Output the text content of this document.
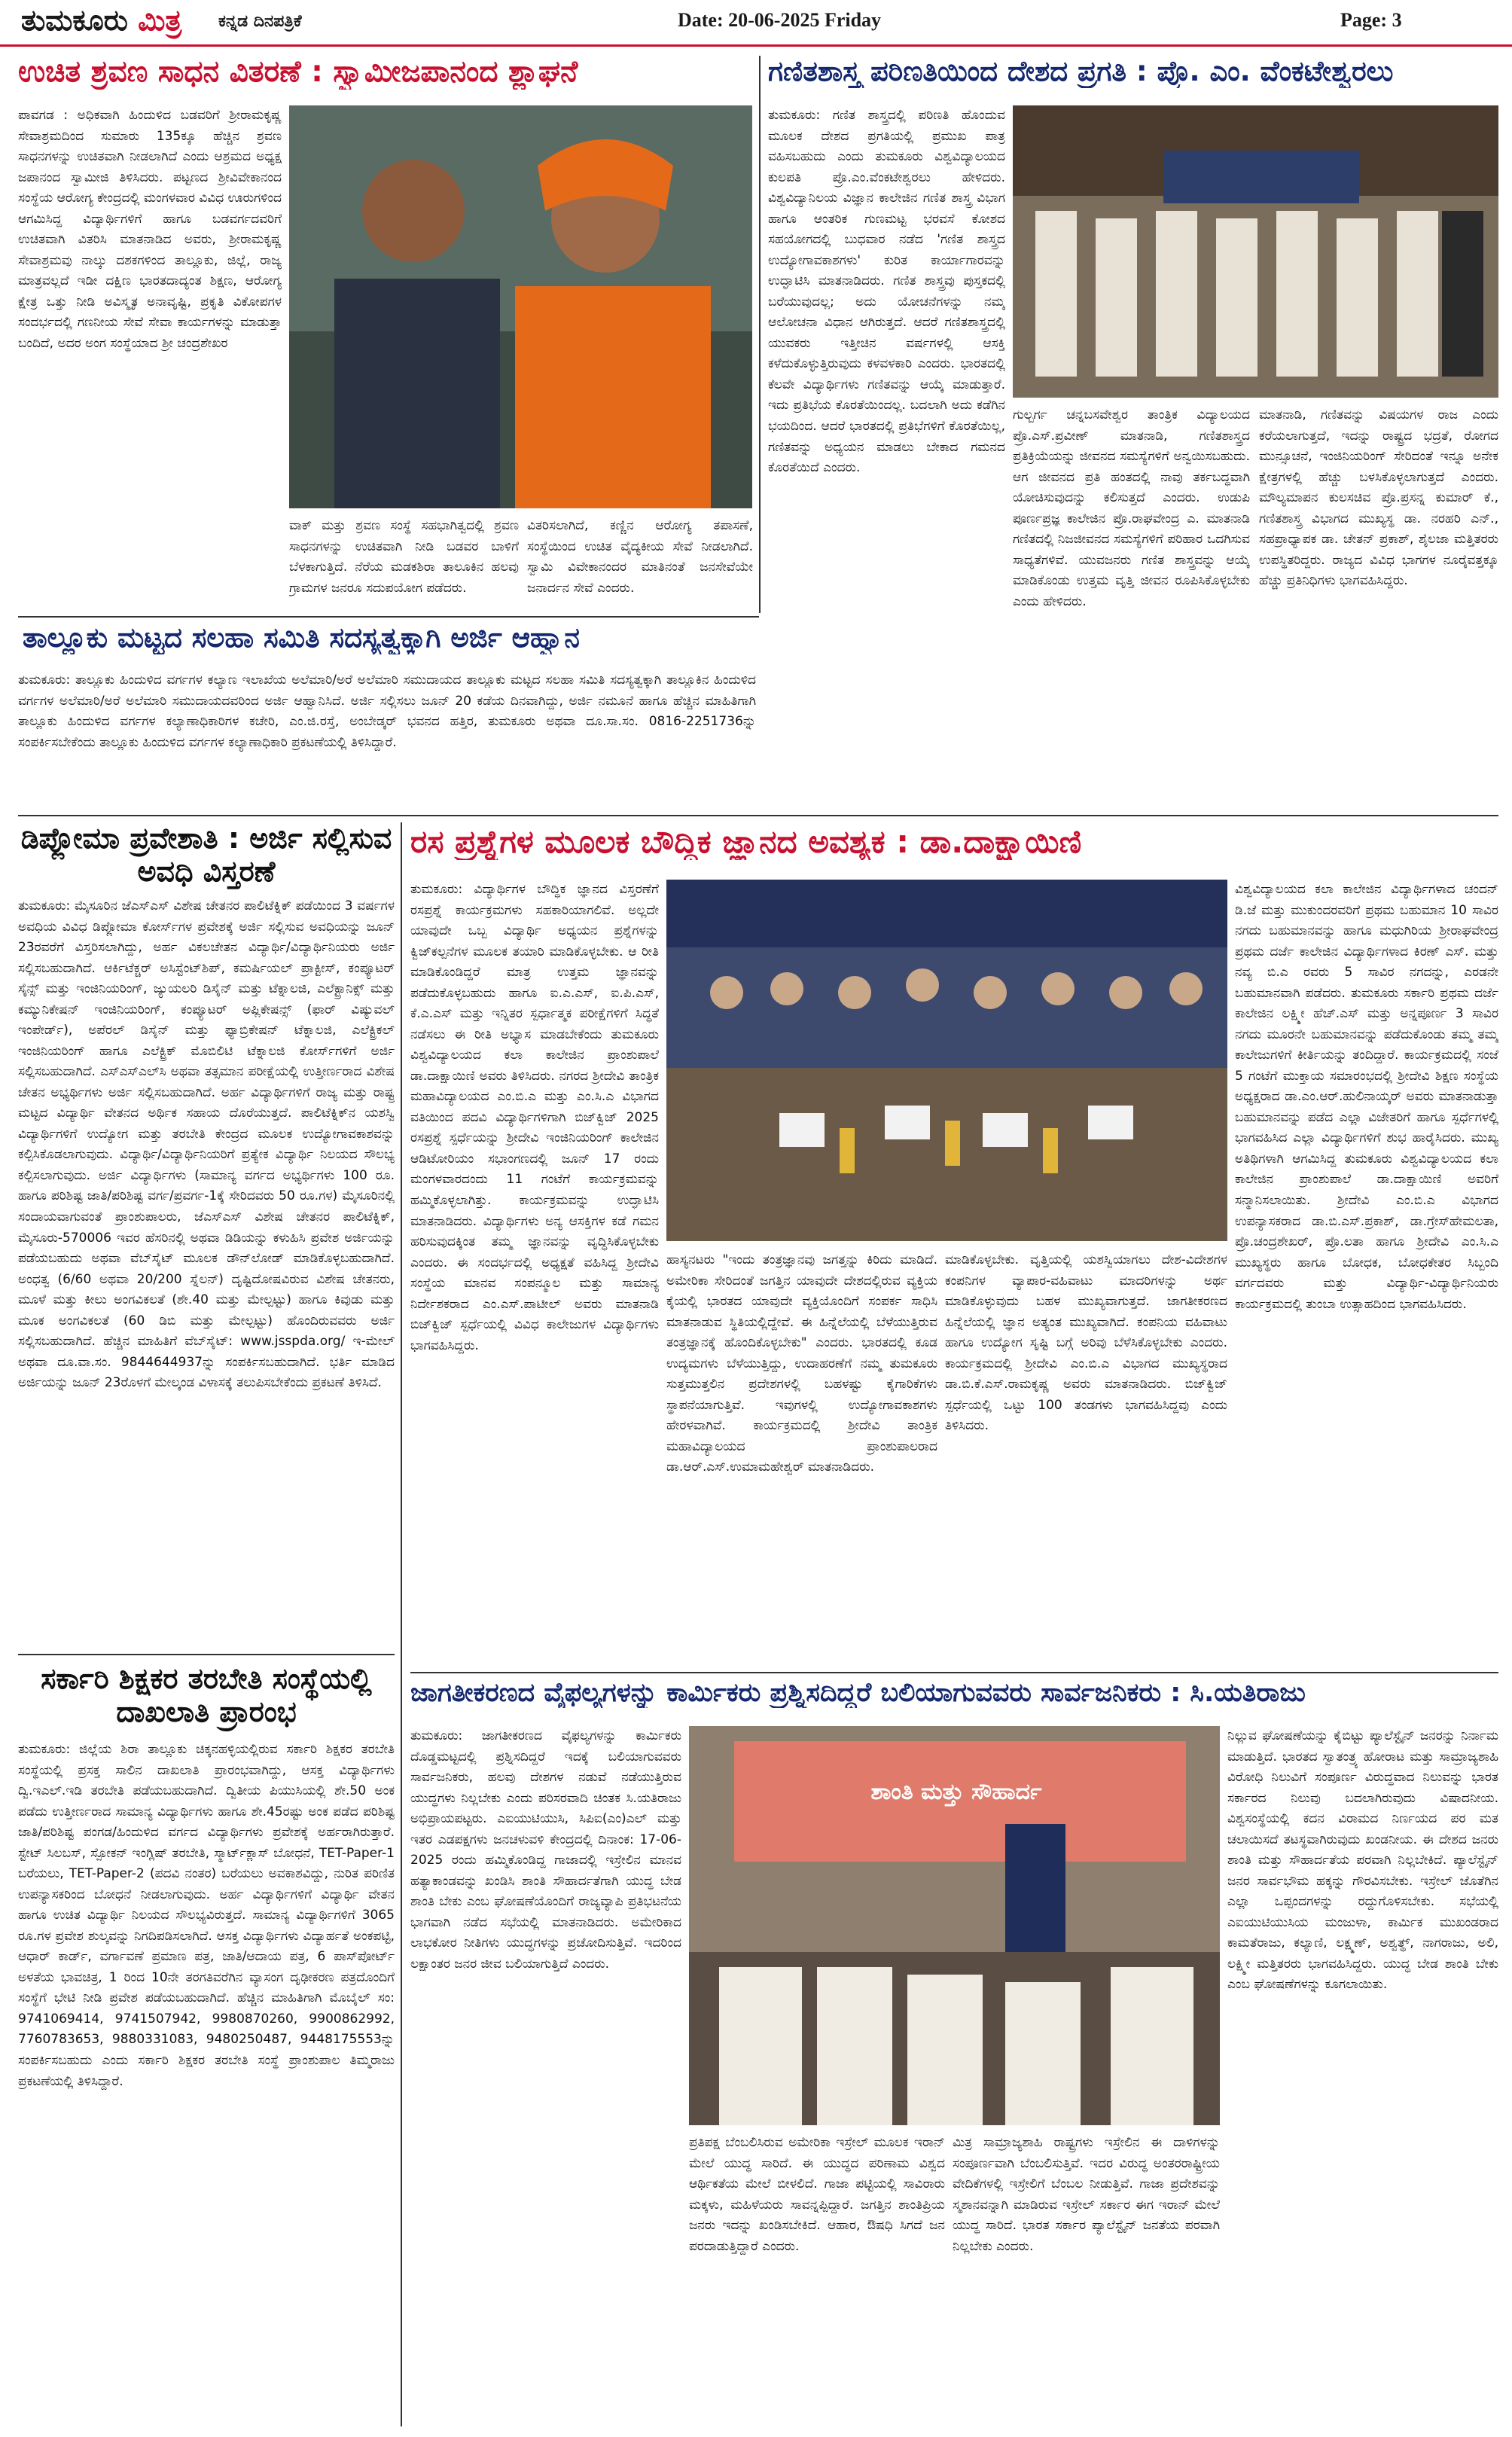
ತುಮಕೂರು ಮಿತ್ರ ಕನ್ನಡ ದಿನಪತ್ರಿಕೆ	Date: 20-06-2025 Friday	Page: 3
ಉಚಿತ ಶ್ರವಣ ಸಾಧನ ವಿತರಣೆ : ಸ್ವಾಮೀಜಪಾನಂದ ಶ್ಲಾಘನೆ
ಪಾವಗಡ : ಅಧಿಕವಾಗಿ ಹಿಂದುಳಿದ ಬಡವರಿಗೆ ಶ್ರೀರಾಮಕೃಷ್ಣ ಸೇವಾಶ್ರಮದಿಂದ ಸುಮಾರು 135ಕ್ಕೂ ಹೆಚ್ಚಿನ ಶ್ರವಣ ಸಾಧನಗಳನ್ನು ಉಚಿತವಾಗಿ ನೀಡಲಾಗಿದೆ ಎಂದು ಆಶ್ರಮದ ಅಧ್ಯಕ್ಷ ಜಪಾನಂದ ಸ್ವಾಮೀಜಿ ತಿಳಿಸಿದರು. ಪಟ್ಟಣದ ಶ್ರೀವಿವೇಕಾನಂದ ಸಂಸ್ಥೆಯ ಆರೋಗ್ಯ ಕೇಂದ್ರದಲ್ಲಿ ಮಂಗಳವಾರ ವಿವಿಧ ಊರುಗಳಿಂದ ಆಗಮಿಸಿದ್ದ ವಿದ್ಯಾರ್ಥಿಗಳಿಗೆ ಹಾಗೂ ಬಡವರ್ಗದವರಿಗೆ ಉಚಿತವಾಗಿ ವಿತರಿಸಿ ಮಾತನಾಡಿದ ಅವರು, ಶ್ರೀರಾಮಕೃಷ್ಣ ಸೇವಾಶ್ರಮವು ನಾಲ್ಕು ದಶಕಗಳಿಂದ ತಾಲ್ಲೂಕು, ಜಿಲ್ಲೆ, ರಾಜ್ಯ ಮಾತ್ರವಲ್ಲದೆ ಇಡೀ ದಕ್ಷಿಣ ಭಾರತದಾದ್ಯಂತ ಶಿಕ್ಷಣ, ಆರೋಗ್ಯ ಕ್ಷೇತ್ರ ಒತ್ತು ನೀಡಿ ಅವಿಸ್ಮೃತ ಅನಾವೃಷ್ಟಿ, ಪ್ರಕೃತಿ ವಿಕೋಪಗಳ ಸಂದರ್ಭದಲ್ಲಿ ಗಣನೀಯ ಸೇವೆ ಸೇವಾ ಕಾರ್ಯಗಳನ್ನು ಮಾಡುತ್ತಾ ಬಂದಿದೆ, ಅದರ ಅಂಗ ಸಂಸ್ಥೆಯಾದ ಶ್ರೀ ಚಂದ್ರಶೇಖರ
ವಾಕ್ ಮತ್ತು ಶ್ರವಣ ಸಂಸ್ಥೆ ಸಹಭಾಗಿತ್ವದಲ್ಲಿ ಶ್ರವಣ ಸಾಧನಗಳನ್ನು ಉಚಿತವಾಗಿ ನೀಡಿ ಬಡವರ ಬಾಳಿಗೆ ಬೆಳಕಾಗುತ್ತಿದೆ. ನೆರೆಯ ಮಡಕಶಿರಾ ತಾಲೂಕಿನ ಹಲವು ಗ್ರಾಮಗಳ ಜನರೂ ಸದುಪಯೋಗ ಪಡೆದರು.
ವಿತರಿಸಲಾಗಿದೆ, ಕಣ್ಣಿನ ಆರೋಗ್ಯ ತಪಾಸಣೆ, ಸಂಸ್ಥೆಯಿಂದ ಉಚಿತ ವೈದ್ಯಕೀಯ ಸೇವೆ ನೀಡಲಾಗಿದೆ. ಸ್ವಾಮಿ ವಿವೇಕಾನಂದರ ಮಾತಿನಂತೆ ಜನಸೇವೆಯೇ ಜನಾರ್ದನ ಸೇವೆ ಎಂದರು.
ಗಣಿತಶಾಸ್ತ್ರ ಪರಿಣತಿಯಿಂದ ದೇಶದ ಪ್ರಗತಿ : ಪ್ರೊ. ಎಂ. ವೆಂಕಟೇಶ್ವರಲು
ತುಮಕೂರು: ಗಣಿತ ಶಾಸ್ತ್ರದಲ್ಲಿ ಪರಿಣತಿ ಹೊಂದುವ ಮೂಲಕ ದೇಶದ ಪ್ರಗತಿಯಲ್ಲಿ ಪ್ರಮುಖ ಪಾತ್ರ ವಹಿಸಬಹುದು ಎಂದು ತುಮಕೂರು ವಿಶ್ವವಿದ್ಯಾಲಯದ ಕುಲಪತಿ ಪ್ರೊ.ಎಂ.ವೆಂಕಟೇಶ್ವರಲು ಹೇಳಿದರು. ವಿಶ್ವವಿದ್ಯಾನಿಲಯ ವಿಜ್ಞಾನ ಕಾಲೇಜಿನ ಗಣಿತ ಶಾಸ್ತ್ರ ವಿಭಾಗ ಹಾಗೂ ಆಂತರಿಕ ಗುಣಮಟ್ಟ ಭರವಸೆ ಕೋಶದ ಸಹಯೋಗದಲ್ಲಿ ಬುಧವಾರ ನಡೆದ 'ಗಣಿತ ಶಾಸ್ತ್ರದ ಉದ್ಯೋಗಾವಕಾಶಗಳು' ಕುರಿತ ಕಾರ್ಯಾಗಾರವನ್ನು ಉದ್ಘಾಟಿಸಿ ಮಾತನಾಡಿದರು. ಗಣಿತ ಶಾಸ್ತ್ರವು ಪುಸ್ತಕದಲ್ಲಿ ಬರೆಯುವುದಲ್ಲ; ಅದು ಯೋಚನೆಗಳನ್ನು ನಮ್ಮ ಆಲೋಚನಾ ವಿಧಾನ ಆಗಿರುತ್ತದೆ. ಆದರೆ ಗಣಿತಶಾಸ್ತ್ರದಲ್ಲಿ ಯುವಕರು ಇತ್ತೀಚಿನ ವರ್ಷಗಳಲ್ಲಿ ಆಸಕ್ತಿ ಕಳೆದುಕೊಳ್ಳುತ್ತಿರುವುದು ಕಳವಳಕಾರಿ ಎಂದರು. ಭಾರತದಲ್ಲಿ ಕೆಲವೇ ವಿದ್ಯಾರ್ಥಿಗಳು ಗಣಿತವನ್ನು ಆಯ್ಕೆ ಮಾಡುತ್ತಾರೆ. ಇದು ಪ್ರತಿಭೆಯ ಕೊರತೆಯಿಂದಲ್ಲ. ಬದಲಾಗಿ ಅದು ಕಡೆಗಿನ ಭಯದಿಂದ. ಆದರೆ ಭಾರತದಲ್ಲಿ ಪ್ರತಿಭೆಗಳಿಗೆ ಕೊರತೆಯಿಲ್ಲ, ಗಣಿತವನ್ನು ಅಧ್ಯಯನ ಮಾಡಲು ಬೇಕಾದ ಗಮನದ ಕೊರತೆಯಿದೆ ಎಂದರು.
ಗುಲ್ಬರ್ಗ ಚನ್ನಬಸವೇಶ್ವರ ತಾಂತ್ರಿಕ ವಿದ್ಯಾಲಯದ ಪ್ರೊ.ಎಸ್.ಪ್ರವೀಣ್ ಮಾತನಾಡಿ, ಗಣಿತಶಾಸ್ತ್ರದ ಪ್ರತಿಕ್ರಿಯೆಯನ್ನು ಜೀವನದ ಸಮಸ್ಯೆಗಳಿಗೆ ಅನ್ವಯಿಸಬಹುದು. ಆಗ ಜೀವನದ ಪ್ರತಿ ಹಂತದಲ್ಲಿ ನಾವು ತರ್ಕಬದ್ಧವಾಗಿ ಯೋಚಿಸುವುದನ್ನು ಕಲಿಸುತ್ತದೆ ಎಂದರು. ಉಡುಪಿ ಪೂರ್ಣಪ್ರಜ್ಞ ಕಾಲೇಜಿನ ಪ್ರೊ.ರಾಘವೇಂದ್ರ ಎ. ಮಾತನಾಡಿ ಗಣಿತದಲ್ಲಿ ನಿಜಜೀವನದ ಸಮಸ್ಯೆಗಳಿಗೆ ಪರಿಹಾರ ಒದಗಿಸುವ ಸಾಧ್ಯತೆಗಳಿವೆ. ಯುವಜನರು ಗಣಿತ ಶಾಸ್ತ್ರವನ್ನು ಆಯ್ಕೆ ಮಾಡಿಕೊಂಡು ಉತ್ತಮ ವೃತ್ತಿ ಜೀವನ ರೂಪಿಸಿಕೊಳ್ಳಬೇಕು ಎಂದು ಹೇಳಿದರು.
ಮಾತನಾಡಿ, ಗಣಿತವನ್ನು ವಿಷಯಗಳ ರಾಜ ಎಂದು ಕರೆಯಲಾಗುತ್ತದೆ, ಇದನ್ನು ರಾಷ್ಟ್ರದ ಭದ್ರತೆ, ರೋಗದ ಮುನ್ಸೂಚನೆ, ಇಂಜಿನಿಯರಿಂಗ್ ಸೇರಿದಂತೆ ಇನ್ನೂ ಅನೇಕ ಕ್ಷೇತ್ರಗಳಲ್ಲಿ ಹೆಚ್ಚು ಬಳಸಿಕೊಳ್ಳಲಾಗುತ್ತದೆ ಎಂದರು. ಮೌಲ್ಯಮಾಪನ ಕುಲಸಚಿವ ಪ್ರೊ.ಪ್ರಸನ್ನ ಕುಮಾರ್ ಕೆ., ಗಣಿತಶಾಸ್ತ್ರ ವಿಭಾಗದ ಮುಖ್ಯಸ್ಥ ಡಾ. ನರಹರಿ ಎನ್., ಸಹಪ್ರಾಧ್ಯಾಪಕ ಡಾ. ಚೇತನ್ ಪ್ರಕಾಶ್, ಶೈಲಜಾ ಮತ್ತಿತರರು ಉಪಸ್ಥಿತರಿದ್ದರು. ರಾಜ್ಯದ ವಿವಿಧ ಭಾಗಗಳ ನೂರೈವತ್ತಕ್ಕೂ ಹೆಚ್ಚು ಪ್ರತಿನಿಧಿಗಳು ಭಾಗವಹಿಸಿದ್ದರು.
ತಾಲ್ಲೂಕು ಮಟ್ಟದ ಸಲಹಾ ಸಮಿತಿ ಸದಸ್ಯತ್ವಕ್ಕಾಗಿ ಅರ್ಜಿ ಆಹ್ವಾನ
ತುಮಕೂರು: ತಾಲ್ಲೂಕು ಹಿಂದುಳಿದ ವರ್ಗಗಳ ಕಲ್ಯಾಣ ಇಲಾಖೆಯ ಅಲೆಮಾರಿ/ಅರೆ ಅಲೆಮಾರಿ ಸಮುದಾಯದ ತಾಲ್ಲೂಕು ಮಟ್ಟದ ಸಲಹಾ ಸಮಿತಿ ಸದಸ್ಯತ್ವಕ್ಕಾಗಿ ತಾಲ್ಲೂಕಿನ ಹಿಂದುಳಿದ ವರ್ಗಗಳ ಅಲೆಮಾರಿ/ಅರೆ ಅಲೆಮಾರಿ ಸಮುದಾಯದವರಿಂದ ಅರ್ಜಿ ಆಹ್ವಾನಿಸಿದೆ. ಅರ್ಜಿ ಸಲ್ಲಿಸಲು ಜೂನ್ 20 ಕಡೆಯ ದಿನವಾಗಿದ್ದು, ಅರ್ಜಿ ನಮೂನೆ ಹಾಗೂ ಹೆಚ್ಚಿನ ಮಾಹಿತಿಗಾಗಿ ತಾಲ್ಲೂಕು ಹಿಂದುಳಿದ ವರ್ಗಗಳ ಕಲ್ಯಾಣಾಧಿಕಾರಿಗಳ ಕಚೇರಿ, ಎಂ.ಜಿ.ರಸ್ತೆ, ಅಂಬೇಡ್ಕರ್ ಭವನದ ಹತ್ತಿರ, ತುಮಕೂರು ಅಥವಾ ದೂ.ಸಾ.ಸಂ. 0816-2251736ನ್ನು ಸಂಪರ್ಕಿಸಬೇಕೆಂದು ತಾಲ್ಲೂಕು ಹಿಂದುಳಿದ ವರ್ಗಗಳ ಕಲ್ಯಾಣಾಧಿಕಾರಿ ಪ್ರಕಟಣೆಯಲ್ಲಿ ತಿಳಿಸಿದ್ದಾರೆ.
ಡಿಪ್ಲೋಮಾ ಪ್ರವೇಶಾತಿ : ಅರ್ಜಿ ಸಲ್ಲಿಸುವ ಅವಧಿ ವಿಸ್ತರಣೆ
ತುಮಕೂರು: ಮೈಸೂರಿನ ಜೆಎಸ್‌ಎಸ್ ವಿಶೇಷ ಚೇತನರ ಪಾಲಿಟೆಕ್ನಿಕ್ ಪಡೆಯಿಂದ 3 ವರ್ಷಗಳ ಅವಧಿಯ ವಿವಿಧ ಡಿಪ್ಲೋಮಾ ಕೋರ್ಸ್‌ಗಳ ಪ್ರವೇಶಕ್ಕೆ ಅರ್ಜಿ ಸಲ್ಲಿಸುವ ಅವಧಿಯನ್ನು ಜೂನ್ 23ರವರೆಗೆ ವಿಸ್ತರಿಸಲಾಗಿದ್ದು, ಅರ್ಹ ವಿಕಲಚೇತನ ವಿದ್ಯಾರ್ಥಿ/ವಿದ್ಯಾರ್ಥಿನಿಯರು ಅರ್ಜಿ ಸಲ್ಲಿಸಬಹುದಾಗಿದೆ. ಆರ್ಕಿಟೆಕ್ಚರ್ ಅಸಿಸ್ಟೆಂಟ್‌ಶಿಪ್, ಕಮರ್ಷಿಯಲ್ ಪ್ರಾಕ್ಟೀಸ್, ಕಂಪ್ಯೂಟರ್ ಸೈನ್ಸ್ ಮತ್ತು ಇಂಜಿನಿಯರಿಂಗ್, ಜ್ಯುಯಲರಿ ಡಿಸೈನ್ ಮತ್ತು ಟೆಕ್ನಾಲಜಿ, ಎಲೆಕ್ಟ್ರಾನಿಕ್ಸ್ ಮತ್ತು ಕಮ್ಯುನಿಕೇಷನ್ ಇಂಜಿನಿಯರಿಂಗ್, ಕಂಪ್ಯೂಟರ್ ಅಪ್ಲಿಕೇಷನ್ಸ್ (ಫಾರ್ ವಿಷ್ಯುವಲ್ ಇಂಪೇರ್ಡ್), ಅಪೆರಲ್ ಡಿಸೈನ್ ಮತ್ತು ಫ್ಯಾಬ್ರಿಕೇಷನ್ ಟೆಕ್ನಾಲಜಿ, ಎಲೆಕ್ಟ್ರಿಕಲ್ ಇಂಜಿನಿಯರಿಂಗ್ ಹಾಗೂ ಎಲೆಕ್ಟ್ರಿಕ್ ಮೊಬಿಲಿಟಿ ಟೆಕ್ನಾಲಜಿ ಕೋರ್ಸ್‌ಗಳಿಗೆ ಅರ್ಜಿ ಸಲ್ಲಿಸಬಹುದಾಗಿದೆ. ಎಸ್‌ಎಸ್‌ಎಲ್‌ಸಿ ಅಥವಾ ತತ್ಸಮಾನ ಪರೀಕ್ಷೆಯಲ್ಲಿ ಉತ್ತೀರ್ಣರಾದ ವಿಶೇಷ ಚೇತನ ಅಭ್ಯರ್ಥಿಗಳು ಅರ್ಜಿ ಸಲ್ಲಿಸಬಹುದಾಗಿದೆ. ಅರ್ಹ ವಿದ್ಯಾರ್ಥಿಗಳಿಗೆ ರಾಜ್ಯ ಮತ್ತು ರಾಷ್ಟ್ರ ಮಟ್ಟದ ವಿದ್ಯಾರ್ಥಿ ವೇತನದ ಅರ್ಥಿಕ ಸಹಾಯ ದೊರೆಯುತ್ತದೆ. ಪಾಲಿಟೆಕ್ನಿಕ್‌ನ ಯಶಸ್ವಿ ವಿದ್ಯಾರ್ಥಿಗಳಿಗೆ ಉದ್ಯೋಗ ಮತ್ತು ತರಬೇತಿ ಕೇಂದ್ರದ ಮೂಲಕ ಉದ್ಯೋಗಾವಕಾಶವನ್ನು ಕಲ್ಪಿಸಿಕೊಡಲಾಗುವುದು. ವಿದ್ಯಾರ್ಥಿ/ವಿದ್ಯಾರ್ಥಿನಿಯರಿಗೆ ಪ್ರತ್ಯೇಕ ವಿದ್ಯಾರ್ಥಿ ನಿಲಯದ ಸೌಲಭ್ಯ ಕಲ್ಪಿಸಲಾಗುವುದು. ಅರ್ಜಿ ವಿದ್ಯಾರ್ಥಿಗಳು (ಸಾಮಾನ್ಯ ವರ್ಗದ ಅಭ್ಯರ್ಥಿಗಳು 100 ರೂ. ಹಾಗೂ ಪರಿಶಿಷ್ಟ ಜಾತಿ/ಪರಿಶಿಷ್ಟ ವರ್ಗ/ಪ್ರವರ್ಗ-1ಕ್ಕೆ ಸೇರಿದವರು 50 ರೂ.ಗಳ) ಮೈಸೂರಿನಲ್ಲಿ ಸಂದಾಯವಾಗುವಂತೆ ಪ್ರಾಂಶುಪಾಲರು, ಜೆಎಸ್‌ಎಸ್ ವಿಶೇಷ ಚೇತನರ ಪಾಲಿಟೆಕ್ನಿಕ್, ಮೈಸೂರು-570006 ಇವರ ಹೆಸರಿನಲ್ಲಿ ಅಥವಾ ಡಿಡಿಯನ್ನು ಕಳುಹಿಸಿ ಪ್ರವೇಶ ಅರ್ಜಿಯನ್ನು ಪಡೆಯಬಹುದು ಅಥವಾ ವೆಬ್‌ಸೈಟ್ ಮೂಲಕ ಡೌನ್‌ಲೋಡ್ ಮಾಡಿಕೊಳ್ಳಬಹುದಾಗಿದೆ. ಅಂಧತ್ವ (6/60 ಅಥವಾ 20/200 ಸ್ನೆಲನ್) ದೃಷ್ಟಿದೋಷವಿರುವ ವಿಶೇಷ ಚೇತನರು, ಮೂಳೆ ಮತ್ತು ಕೀಲು ಅಂಗವಿಕಲತೆ (ಶೇ.40 ಮತ್ತು ಮೇಲ್ಪಟ್ಟು) ಹಾಗೂ ಕಿವುಡು ಮತ್ತು ಮೂಕ ಅಂಗವಿಕಲತೆ (60 ಡಿಬಿ ಮತ್ತು ಮೇಲ್ಪಟ್ಟು) ಹೊಂದಿರುವವರು ಅರ್ಜಿ ಸಲ್ಲಿಸಬಹುದಾಗಿದೆ. ಹೆಚ್ಚಿನ ಮಾಹಿತಿಗೆ ವೆಬ್‌ಸೈಟ್: www.jsspda.org/ ಇ-ಮೇಲ್ ಅಥವಾ ದೂ.ವಾ.ಸಂ. 9844644937ನ್ನು ಸಂಪರ್ಕಿಸಬಹುದಾಗಿದೆ. ಭರ್ತಿ ಮಾಡಿದ ಅರ್ಜಿಯನ್ನು ಜೂನ್ 23ರೊಳಗೆ ಮೇಲ್ಕಂಡ ವಿಳಾಸಕ್ಕೆ ತಲುಪಿಸಬೇಕೆಂದು ಪ್ರಕಟಣೆ ತಿಳಿಸಿದೆ.
ಸರ್ಕಾರಿ ಶಿಕ್ಷಕರ ತರಬೇತಿ ಸಂಸ್ಥೆಯಲ್ಲಿ ದಾಖಲಾತಿ ಪ್ರಾರಂಭ
ತುಮಕೂರು: ಜಿಲ್ಲೆಯ ಶಿರಾ ತಾಲ್ಲೂಕು ಚಿಕ್ಕನಹಳ್ಳಿಯಲ್ಲಿರುವ ಸರ್ಕಾರಿ ಶಿಕ್ಷಕರ ತರಬೇತಿ ಸಂಸ್ಥೆಯಲ್ಲಿ ಪ್ರಸಕ್ತ ಸಾಲಿನ ದಾಖಲಾತಿ ಪ್ರಾರಂಭವಾಗಿದ್ದು, ಆಸಕ್ತ ವಿದ್ಯಾರ್ಥಿಗಳು ದ್ವಿ.ಇಎಲ್.ಇಡಿ ತರಬೇತಿ ಪಡೆಯಬಹುದಾಗಿದೆ. ದ್ವಿತೀಯ ಪಿಯುಸಿಯಲ್ಲಿ ಶೇ.50 ಅಂಕ ಪಡೆದು ಉತ್ತೀರ್ಣರಾದ ಸಾಮಾನ್ಯ ವಿದ್ಯಾರ್ಥಿಗಳು ಹಾಗೂ ಶೇ.45ರಷ್ಟು ಅಂಕ ಪಡೆದ ಪರಿಶಿಷ್ಟ ಜಾತಿ/ಪರಿಶಿಷ್ಟ ಪಂಗಡ/ಹಿಂದುಳಿದ ವರ್ಗದ ವಿದ್ಯಾರ್ಥಿಗಳು ಪ್ರವೇಶಕ್ಕೆ ಅರ್ಹರಾಗಿರುತ್ತಾರೆ. ಸ್ಟೇಟ್ ಸಿಲಬಸ್, ಸ್ಪೋಕನ್ ಇಂಗ್ಲಿಷ್ ತರಬೇತಿ, ಸ್ಮಾರ್ಟ್‌ಕ್ಲಾಸ್ ಬೋಧನೆ, TET-Paper-1 ಬರೆಯಲು, TET-Paper-2 (ಪದವಿ ನಂತರ) ಬರೆಯಲು ಅವಕಾಶವಿದ್ದು, ನುರಿತ ಪರಿಣಿತ ಉಪನ್ಯಾಸಕರಿಂದ ಬೋಧನೆ ನೀಡಲಾಗುವುದು. ಅರ್ಹ ವಿದ್ಯಾರ್ಥಿಗಳಿಗೆ ವಿದ್ಯಾರ್ಥಿ ವೇತನ ಹಾಗೂ ಉಚಿತ ವಿದ್ಯಾರ್ಥಿ ನಿಲಯದ ಸೌಲಭ್ಯವಿರುತ್ತದೆ. ಸಾಮಾನ್ಯ ವಿದ್ಯಾರ್ಥಿಗಳಿಗೆ 3065 ರೂ.ಗಳ ಪ್ರವೇಶ ಶುಲ್ಕವನ್ನು ನಿಗದಿಪಡಿಸಲಾಗಿದೆ. ಆಸಕ್ತ ವಿದ್ಯಾರ್ಥಿಗಳು ವಿದ್ಯಾರ್ಹತೆ ಅಂಕಪಟ್ಟಿ, ಆಧಾರ್ ಕಾರ್ಡ್, ವರ್ಗಾವಣೆ ಪ್ರಮಾಣ ಪತ್ರ, ಜಾತಿ/ಆದಾಯ ಪತ್ರ, 6 ಪಾಸ್‌ಪೋರ್ಟ್ ಅಳತೆಯ ಭಾವಚಿತ್ರ, 1 ರಿಂದ 10ನೇ ತರಗತಿವರೆಗಿನ ವ್ಯಾಸಂಗ ದೃಢೀಕರಣ ಪತ್ರದೊಂದಿಗೆ ಸಂಸ್ಥೆಗೆ ಭೇಟಿ ನೀಡಿ ಪ್ರವೇಶ ಪಡೆಯಬಹುದಾಗಿದೆ. ಹೆಚ್ಚಿನ ಮಾಹಿತಿಗಾಗಿ ಮೊಬೈಲ್ ಸಂ: 9741069414, 9741507942, 9980870260, 9900862992, 7760783653, 9880331083, 9480250487, 9448175553ನ್ನು ಸಂಪರ್ಕಿಸಬಹುದು ಎಂದು ಸರ್ಕಾರಿ ಶಿಕ್ಷಕರ ತರಬೇತಿ ಸಂಸ್ಥೆ ಪ್ರಾಂಶುಪಾಲ ತಿಮ್ಮರಾಜು ಪ್ರಕಟಣೆಯಲ್ಲಿ ತಿಳಿಸಿದ್ದಾರೆ.
ರಸ ಪ್ರಶ್ನೆಗಳ ಮೂಲಕ ಬೌದ್ಧಿಕ ಜ್ಞಾನದ ಅವಶ್ಯಕ : ಡಾ.ದಾಕ್ಷಾಯಿಣಿ
ತುಮಕೂರು: ವಿದ್ಯಾರ್ಥಿಗಳ ಬೌದ್ಧಿಕ ಜ್ಞಾನದ ವಿಸ್ತರಣೆಗೆ ರಸಪ್ರಶ್ನೆ ಕಾರ್ಯಕ್ರಮಗಳು ಸಹಕಾರಿಯಾಗಲಿವೆ. ಅಲ್ಲದೇ ಯಾವುದೇ ಒಬ್ಬ ವಿದ್ಯಾರ್ಥಿ ಅಧ್ಯಯನ ಪ್ರಶ್ನೆಗಳನ್ನು ಕ್ವಿಜ್‌ಕಲ್ಪನೆಗಳ ಮೂಲಕ ತಯಾರಿ ಮಾಡಿಕೊಳ್ಳಬೇಕು. ಆ ರೀತಿ ಮಾಡಿಕೊಂಡಿದ್ದರೆ ಮಾತ್ರ ಉತ್ತಮ ಜ್ಞಾನವನ್ನು ಪಡೆದುಕೊಳ್ಳಬಹುದು ಹಾಗೂ ಐ.ಎ.ಎಸ್, ಐ.ಪಿ.ಎಸ್, ಕೆ.ಎ.ಎಸ್ ಮತ್ತು ಇನ್ನಿತರ ಸ್ಪರ್ಧಾತ್ಮಕ ಪರೀಕ್ಷೆಗಳಿಗೆ ಸಿದ್ಧತೆ ನಡೆಸಲು ಈ ರೀತಿ ಅಭ್ಯಾಸ ಮಾಡಬೇಕೆಂದು ತುಮಕೂರು ವಿಶ್ವವಿದ್ಯಾಲಯದ ಕಲಾ ಕಾಲೇಜಿನ ಪ್ರಾಂಶುಪಾಲೆ ಡಾ.ದಾಕ್ಷಾಯಿಣಿ ಅವರು ತಿಳಿಸಿದರು. ನಗರದ ಶ್ರೀದೇವಿ ತಾಂತ್ರಿಕ ಮಹಾವಿದ್ಯಾಲಯದ ಎಂ.ಬಿ.ಎ ಮತ್ತು ಎಂ.ಸಿ.ಎ ವಿಭಾಗದ ವತಿಯಿಂದ ಪದವಿ ವಿದ್ಯಾರ್ಥಿಗಳಿಗಾಗಿ ಬಿಜ್‌ಕ್ವಿಜ್ 2025 ರಸಪ್ರಶ್ನೆ ಸ್ಪರ್ಧೆಯನ್ನು ಶ್ರೀದೇವಿ ಇಂಜಿನಿಯರಿಂಗ್ ಕಾಲೇಜಿನ ಆಡಿಟೋರಿಯಂ ಸಭಾಂಗಣದಲ್ಲಿ ಜೂನ್ 17 ರಂದು ಮಂಗಳವಾರದಂದು 11 ಗಂಟೆಗೆ ಕಾರ್ಯಕ್ರಮವನ್ನು ಹಮ್ಮಿಕೊಳ್ಳಲಾಗಿತ್ತು. ಕಾರ್ಯಕ್ರಮವನ್ನು ಉದ್ಘಾಟಿಸಿ ಮಾತನಾಡಿದರು. ವಿದ್ಯಾರ್ಥಿಗಳು ಅನ್ಯ ಆಸಕ್ತಿಗಳ ಕಡೆ ಗಮನ ಹರಿಸುವುದಕ್ಕಿಂತ ತಮ್ಮ ಜ್ಞಾನವನ್ನು ವೃದ್ಧಿಸಿಕೊಳ್ಳಬೇಕು ಎಂದರು. ಈ ಸಂದರ್ಭದಲ್ಲಿ ಅಧ್ಯಕ್ಷತೆ ವಹಿಸಿದ್ದ ಶ್ರೀದೇವಿ ಸಂಸ್ಥೆಯ ಮಾನವ ಸಂಪನ್ಮೂಲ ಮತ್ತು ಸಾಮಾನ್ಯ ನಿರ್ದೇಶಕರಾದ ಎಂ.ಎಸ್.ಪಾಟೀಲ್ ಅವರು ಮಾತನಾಡಿ ಬಿಜ್‌ಕ್ವಿಜ್ ಸ್ಪರ್ಧೆಯಲ್ಲಿ ವಿವಿಧ ಕಾಲೇಜುಗಳ ವಿದ್ಯಾರ್ಥಿಗಳು ಭಾಗವಹಿಸಿದ್ದರು.
ಹಾಸ್ಯನಟರು "ಇಂದು ತಂತ್ರಜ್ಞಾನವು ಜಗತ್ತನ್ನು ಕಿರಿದು ಮಾಡಿದೆ. ಅಮೇರಿಕಾ ಸೇರಿದಂತೆ ಜಗತ್ತಿನ ಯಾವುದೇ ದೇಶದಲ್ಲಿರುವ ವ್ಯಕ್ತಿಯ ಕೈಯಲ್ಲಿ ಭಾರತದ ಯಾವುದೇ ವ್ಯಕ್ತಿಯೊಂದಿಗೆ ಸಂಪರ್ಕ ಸಾಧಿಸಿ ಮಾತನಾಡುವ ಸ್ಥಿತಿಯಲ್ಲಿದ್ದೇವೆ. ಈ ಹಿನ್ನೆಲೆಯಲ್ಲಿ ಬೆಳೆಯುತ್ತಿರುವ ತಂತ್ರಜ್ಞಾನಕ್ಕೆ ಹೊಂದಿಕೊಳ್ಳಬೇಕು" ಎಂದರು. ಭಾರತದಲ್ಲಿ ಕೂಡ ಉದ್ಯಮಗಳು ಬೆಳೆಯುತ್ತಿದ್ದು, ಉದಾಹರಣೆಗೆ ನಮ್ಮ ತುಮಕೂರು ಸುತ್ತಮುತ್ತಲಿನ ಪ್ರದೇಶಗಳಲ್ಲಿ ಬಹಳಷ್ಟು ಕೈಗಾರಿಕೆಗಳು ಸ್ಥಾಪನೆಯಾಗುತ್ತಿವೆ. ಇವುಗಳಲ್ಲಿ ಉದ್ಯೋಗಾವಕಾಶಗಳು ಹೇರಳವಾಗಿವೆ. ಕಾರ್ಯಕ್ರಮದಲ್ಲಿ ಶ್ರೀದೇವಿ ತಾಂತ್ರಿಕ ಮಹಾವಿದ್ಯಾಲಯದ ಪ್ರಾಂಶುಪಾಲರಾದ ಡಾ.ಆರ್.ಎಸ್.ಉಮಾಮಹೇಶ್ವರ್ ಮಾತನಾಡಿದರು.
ಮಾಡಿಕೊಳ್ಳಬೇಕು. ವೃತ್ತಿಯಲ್ಲಿ ಯಶಸ್ವಿಯಾಗಲು ದೇಶ-ವಿದೇಶಗಳ ಕಂಪನಿಗಳ ವ್ಯಾಪಾರ-ವಹಿವಾಟು ಮಾದರಿಗಳನ್ನು ಅರ್ಥ ಮಾಡಿಕೊಳ್ಳುವುದು ಬಹಳ ಮುಖ್ಯವಾಗುತ್ತದೆ. ಜಾಗತೀಕರಣದ ಹಿನ್ನೆಲೆಯಲ್ಲಿ ಜ್ಞಾನ ಅತ್ಯಂತ ಮುಖ್ಯವಾಗಿದೆ. ಕಂಪನಿಯ ವಹಿವಾಟು ಹಾಗೂ ಉದ್ಯೋಗ ಸೃಷ್ಟಿ ಬಗ್ಗೆ ಅರಿವು ಬೆಳೆಸಿಕೊಳ್ಳಬೇಕು ಎಂದರು. ಕಾರ್ಯಕ್ರಮದಲ್ಲಿ ಶ್ರೀದೇವಿ ಎಂ.ಬಿ.ಎ ವಿಭಾಗದ ಮುಖ್ಯಸ್ಥರಾದ ಡಾ.ಬಿ.ಕೆ.ಎಸ್.ರಾಮಕೃಷ್ಣ ಅವರು ಮಾತನಾಡಿದರು. ಬಿಜ್‌ಕ್ವಿಜ್ ಸ್ಪರ್ಧೆಯಲ್ಲಿ ಒಟ್ಟು 100 ತಂಡಗಳು ಭಾಗವಹಿಸಿದ್ದವು ಎಂದು ತಿಳಿಸಿದರು.
ವಿಶ್ವವಿದ್ಯಾಲಯದ ಕಲಾ ಕಾಲೇಜಿನ ವಿದ್ಯಾರ್ಥಿಗಳಾದ ಚಂದನ್ ಡಿ.ಜೆ ಮತ್ತು ಮುಕುಂದರವರಿಗೆ ಪ್ರಥಮ ಬಹುಮಾನ 10 ಸಾವಿರ ನಗದು ಬಹುಮಾನವನ್ನು ಹಾಗೂ ಮಧುಗಿರಿಯ ಶ್ರೀರಾಘವೇಂದ್ರ ಪ್ರಥಮ ದರ್ಜೆ ಕಾಲೇಜಿನ ವಿದ್ಯಾರ್ಥಿಗಳಾದ ಕಿರಣ್ ಎಸ್. ಮತ್ತು ನವ್ಯ ಬಿ.ಎ ರವರು 5 ಸಾವಿರ ನಗದನ್ನು, ಎರಡನೇ ಬಹುಮಾನವಾಗಿ ಪಡೆದರು. ತುಮಕೂರು ಸರ್ಕಾರಿ ಪ್ರಥಮ ದರ್ಜೆ ಕಾಲೇಜಿನ ಲಕ್ಷ್ಮೀ ಹೆಚ್.ಎಸ್ ಮತ್ತು ಅನ್ನಪೂರ್ಣ 3 ಸಾವಿರ ನಗದು ಮೂರನೇ ಬಹುಮಾನವನ್ನು ಪಡೆದುಕೊಂಡು ತಮ್ಮ ತಮ್ಮ ಕಾಲೇಜುಗಳಿಗೆ ಕೀರ್ತಿಯನ್ನು ತಂದಿದ್ದಾರೆ. ಕಾರ್ಯಕ್ರಮದಲ್ಲಿ ಸಂಜೆ 5 ಗಂಟೆಗೆ ಮುಕ್ತಾಯ ಸಮಾರಂಭದಲ್ಲಿ ಶ್ರೀದೇವಿ ಶಿಕ್ಷಣ ಸಂಸ್ಥೆಯ ಅಧ್ಯಕ್ಷರಾದ ಡಾ.ಎಂ.ಆರ್.ಹುಲಿನಾಯ್ಕರ್ ಅವರು ಮಾತನಾಡುತ್ತಾ ಬಹುಮಾನವನ್ನು ಪಡೆದ ಎಲ್ಲಾ ವಿಜೇತರಿಗೆ ಹಾಗೂ ಸ್ಪರ್ಧೆಗಳಲ್ಲಿ ಭಾಗವಹಿಸಿದ ಎಲ್ಲಾ ವಿದ್ಯಾರ್ಥಿಗಳಿಗೆ ಶುಭ ಹಾರೈಸಿದರು. ಮುಖ್ಯ ಅತಿಥಿಗಳಾಗಿ ಆಗಮಿಸಿದ್ದ ತುಮಕೂರು ವಿಶ್ವವಿದ್ಯಾಲಯದ ಕಲಾ ಕಾಲೇಜಿನ ಪ್ರಾಂಶುಪಾಲೆ ಡಾ.ದಾಕ್ಷಾಯಿಣಿ ಅವರಿಗೆ ಸನ್ಮಾನಿಸಲಾಯಿತು. ಶ್ರೀದೇವಿ ಎಂ.ಬಿ.ಎ ವಿಭಾಗದ ಉಪನ್ಯಾಸಕರಾದ ಡಾ.ಬಿ.ಎಸ್.ಪ್ರಕಾಶ್, ಡಾ.ಗ್ರೇಸ್‌ಹೇಮಲತಾ, ಪ್ರೊ.ಚಂದ್ರಶೇಖರ್, ಪ್ರೊ.ಲತಾ ಹಾಗೂ ಶ್ರೀದೇವಿ ಎಂ.ಸಿ.ಎ ಮುಖ್ಯಸ್ಥರು ಹಾಗೂ ಬೋಧಕ, ಬೋಧಕೇತರ ಸಿಬ್ಬಂದಿ ವರ್ಗದವರು ಮತ್ತು ವಿದ್ಯಾರ್ಥಿ-ವಿದ್ಯಾರ್ಥಿನಿಯರು ಕಾರ್ಯಕ್ರಮದಲ್ಲಿ ತುಂಬಾ ಉತ್ಸಾಹದಿಂದ ಭಾಗವಹಿಸಿದರು.
ಜಾಗತೀಕರಣದ ವೈಫಲ್ಯಗಳನ್ನು ಕಾರ್ಮಿಕರು ಪ್ರಶ್ನಿಸದಿದ್ದರೆ ಬಲಿಯಾಗುವವರು ಸಾರ್ವಜನಿಕರು : ಸಿ.ಯತಿರಾಜು
ತುಮಕೂರು: ಜಾಗತೀಕರಣದ ವೈಫಲ್ಯಗಳನ್ನು ಕಾರ್ಮಿಕರು ದೊಡ್ಡಮಟ್ಟದಲ್ಲಿ ಪ್ರಶ್ನಿಸದಿದ್ದರೆ ಇದಕ್ಕೆ ಬಲಿಯಾಗುವವರು ಸಾರ್ವಜನಿಕರು, ಹಲವು ದೇಶಗಳ ನಡುವೆ ನಡೆಯುತ್ತಿರುವ ಯುದ್ಧಗಳು ನಿಲ್ಲಬೇಕು ಎಂದು ಪರಿಸರವಾದಿ ಚಿಂತಕ ಸಿ.ಯತಿರಾಜು ಅಭಿಪ್ರಾಯಪಟ್ಟರು. ಎಐಯುಟಿಯುಸಿ, ಸಿಪಿಐ(ಎಂ)ಎಲ್ ಮತ್ತು ಇತರ ಎಡಪಕ್ಷಗಳು ಜನಚಳುವಳಿ ಕೇಂದ್ರದಲ್ಲಿ ದಿನಾಂಕ: 17-06-2025 ರಂದು ಹಮ್ಮಿಕೊಂಡಿದ್ದ ಗಾಜಾದಲ್ಲಿ ಇಸ್ರೇಲಿನ ಮಾನವ ಹತ್ಯಾಕಾಂಡವನ್ನು ಖಂಡಿಸಿ ಶಾಂತಿ ಸೌಹಾರ್ದತೆಗಾಗಿ ಯುದ್ಧ ಬೇಡ ಶಾಂತಿ ಬೇಕು ಎಂಬ ಘೋಷಣೆಯೊಂದಿಗೆ ರಾಜ್ಯವ್ಯಾಪಿ ಪ್ರತಿಭಟನೆಯ ಭಾಗವಾಗಿ ನಡೆದ ಸಭೆಯಲ್ಲಿ ಮಾತನಾಡಿದರು. ಅಮೇರಿಕಾದ ಲಾಭಕೋರ ನೀತಿಗಳು ಯುದ್ಧಗಳನ್ನು ಪ್ರಚೋದಿಸುತ್ತಿವೆ. ಇದರಿಂದ ಲಕ್ಷಾಂತರ ಜನರ ಜೀವ ಬಲಿಯಾಗುತ್ತಿದೆ ಎಂದರು.
ಶಾಂತಿ ಮತ್ತು ಸೌಹಾರ್ದ
ಪ್ರತಿಪಕ್ಷ ಬೆಂಬಲಿಸಿರುವ ಅಮೇರಿಕಾ ಇಸ್ರೇಲ್ ಮೂಲಕ ಇರಾನ್ ಮೇಲೆ ಯುದ್ಧ ಸಾರಿದೆ. ಈ ಯುದ್ಧದ ಪರಿಣಾಮ ವಿಶ್ವದ ಆರ್ಥಿಕತೆಯ ಮೇಲೆ ಬೀಳಲಿದೆ. ಗಾಜಾ ಪಟ್ಟಿಯಲ್ಲಿ ಸಾವಿರಾರು ಮಕ್ಕಳು, ಮಹಿಳೆಯರು ಸಾವನ್ನಪ್ಪಿದ್ದಾರೆ. ಜಗತ್ತಿನ ಶಾಂತಿಪ್ರಿಯ ಜನರು ಇದನ್ನು ಖಂಡಿಸಬೇಕಿದೆ. ಆಹಾರ, ಔಷಧಿ ಸಿಗದೆ ಜನ ಪರದಾಡುತ್ತಿದ್ದಾರೆ ಎಂದರು.
ಮಿತ್ರ ಸಾಮ್ರಾಜ್ಯಶಾಹಿ ರಾಷ್ಟ್ರಗಳು ಇಸ್ರೇಲಿನ ಈ ದಾಳಿಗಳನ್ನು ಸಂಪೂರ್ಣವಾಗಿ ಬೆಂಬಲಿಸುತ್ತಿವೆ. ಇದರ ವಿರುದ್ಧ ಅಂತರರಾಷ್ಟ್ರೀಯ ವೇದಿಕೆಗಳಲ್ಲಿ ಇಸ್ರೇಲಿಗೆ ಬೆಂಬಲ ನೀಡುತ್ತಿವೆ. ಗಾಜಾ ಪ್ರದೇಶವನ್ನು ಸ್ಮಶಾನವನ್ನಾಗಿ ಮಾಡಿರುವ ಇಸ್ರೇಲ್ ಸರ್ಕಾರ ಈಗ ಇರಾನ್ ಮೇಲೆ ಯುದ್ಧ ಸಾರಿದೆ. ಭಾರತ ಸರ್ಕಾರ ಪ್ಯಾಲೆಸ್ಟೈನ್ ಜನತೆಯ ಪರವಾಗಿ ನಿಲ್ಲಬೇಕು ಎಂದರು.
ನಿಲ್ಲುವ ಘೋಷಣೆಯನ್ನು ಕೈಬಿಟ್ಟು ಪ್ಯಾಲೆಸ್ಟೈನ್ ಜನರನ್ನು ನಿರ್ನಾಮ ಮಾಡುತ್ತಿದೆ. ಭಾರತದ ಸ್ವಾತಂತ್ರ್ಯ ಹೋರಾಟ ಮತ್ತು ಸಾಮ್ರಾಜ್ಯಶಾಹಿ ವಿರೋಧಿ ನಿಲುವಿಗೆ ಸಂಪೂರ್ಣ ವಿರುದ್ಧವಾದ ನಿಲುವನ್ನು ಭಾರತ ಸರ್ಕಾರದ ನಿಲುವು ಬದಲಾಗಿರುವುದು ವಿಷಾದನೀಯ. ವಿಶ್ವಸಂಸ್ಥೆಯಲ್ಲಿ ಕದನ ವಿರಾಮದ ನಿರ್ಣಯದ ಪರ ಮತ ಚಲಾಯಿಸದೆ ತಟಸ್ಥವಾಗಿರುವುದು ಖಂಡನೀಯ. ಈ ದೇಶದ ಜನರು ಶಾಂತಿ ಮತ್ತು ಸೌಹಾರ್ದತೆಯ ಪರವಾಗಿ ನಿಲ್ಲಬೇಕಿದೆ. ಪ್ಯಾಲೆಸ್ಟೈನ್ ಜನರ ಸಾರ್ವಭೌಮ ಹಕ್ಕನ್ನು ಗೌರವಿಸಬೇಕು. ಇಸ್ರೇಲ್ ಜೊತೆಗಿನ ಎಲ್ಲಾ ಒಪ್ಪಂದಗಳನ್ನು ರದ್ದುಗೊಳಿಸಬೇಕು. ಸಭೆಯಲ್ಲಿ ಎಐಯುಟಿಯುಸಿಯ ಮಂಜುಳಾ, ಕಾರ್ಮಿಕ ಮುಖಂಡರಾದ ಕಾಮತೆರಾಜು, ಕಲ್ಯಾಣಿ, ಲಕ್ಷ್ಮಣ್, ಅಶ್ವತ್ಥ್, ನಾಗರಾಜು, ಅಲಿ, ಲಕ್ಷ್ಮೀ ಮತ್ತಿತರರು ಭಾಗವಹಿಸಿದ್ದರು. ಯುದ್ಧ ಬೇಡ ಶಾಂತಿ ಬೇಕು ಎಂಬ ಘೋಷಣೆಗಳನ್ನು ಕೂಗಲಾಯಿತು.
